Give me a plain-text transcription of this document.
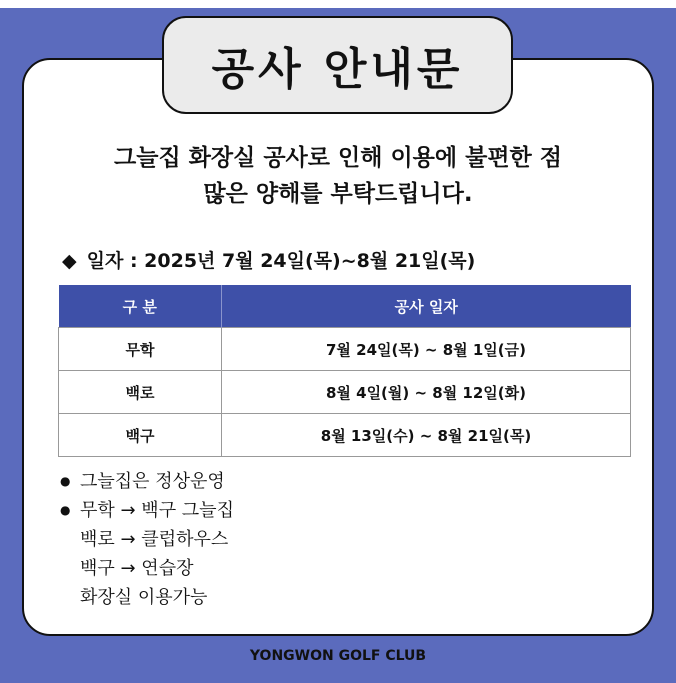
공사 안내문
그늘집 화장실 공사로 인해 이용에 불편한 점
많은 양해를 부탁드립니다.
◆ 일자 : 2025년 7월 24일(목)~8월 21일(목)
구 분	공사 일자
무학	7월 24일(목) ~ 8월 1일(금)
백로	8월 4일(월) ~ 8월 12일(화)
백구	8월 13일(수) ~ 8월 21일(목)
● 그늘집은 정상운영
● 무학 → 백구 그늘집
백로 → 클럽하우스
백구 → 연습장
화장실 이용가능
YONGWON GOLF CLUB
